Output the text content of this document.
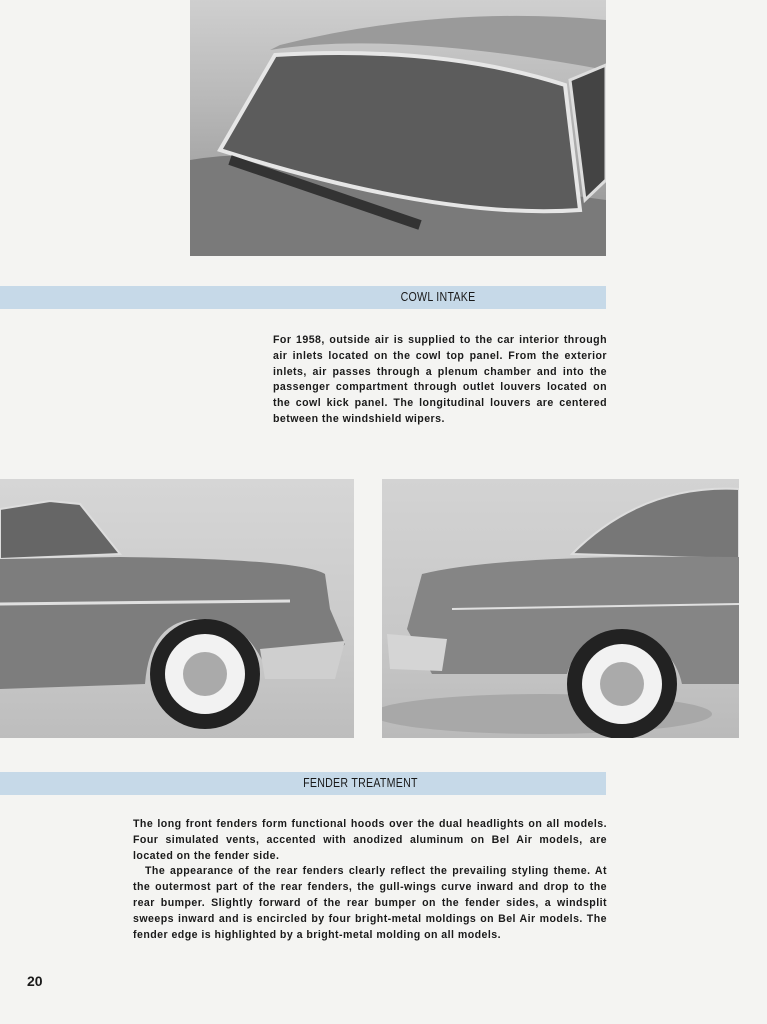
COWL INTAKE

For 1958, outside air is supplied to the car interior through air inlets located on the cowl top panel. From the exterior inlets, air passes through a plenum chamber and into the passenger compartment through outlet louvers located on the cowl kick panel. The longitudinal louvers are centered between the windshield wipers.

FENDER TREATMENT

The long front fenders form functional hoods over the dual headlights on all models. Four simulated vents, accented with anodized aluminum on Bel Air models, are located on the fender side.

The appearance of the rear fenders clearly reflect the prevailing styling theme. At the outermost part of the rear fenders, the gull-wings curve inward and drop to the rear bumper. Slightly forward of the rear bumper on the fender sides, a windsplit sweeps inward and is encircled by four bright-metal moldings on Bel Air models. The fender edge is highlighted by a bright-metal molding on all models.

20
